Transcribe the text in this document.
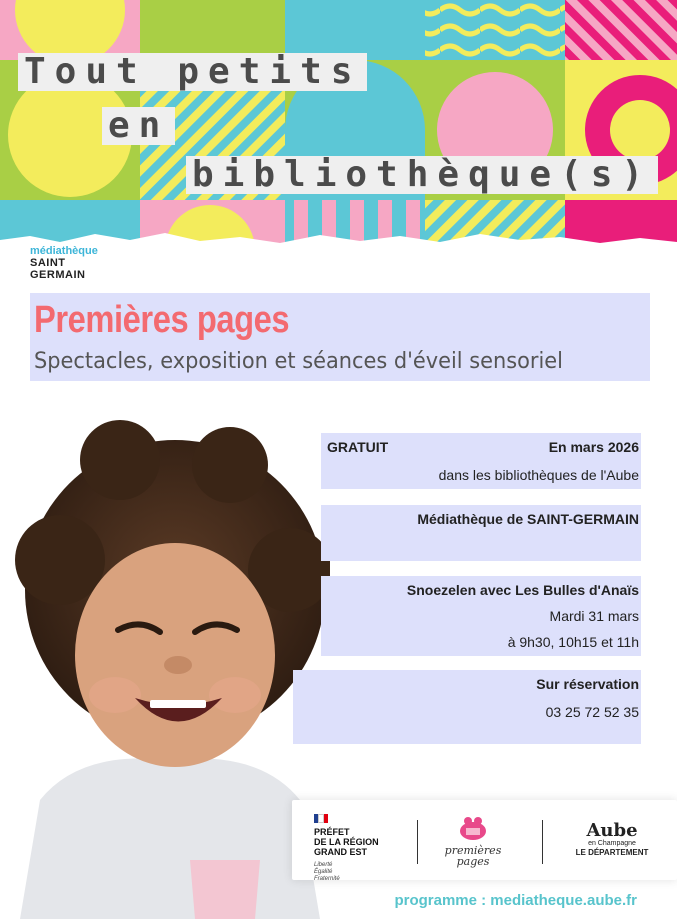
Tout petits
en
bibliothèque(s)
médiathèque
SAINT GERMAIN
Premières pages
Spectacles, exposition et séances d'éveil sensoriel
GRATUIT	En mars 2026
dans les bibliothèques de l'Aube
Médiathèque de SAINT-GERMAIN
Snoezelen avec Les Bulles d'Anaïs
Mardi 31 mars
à 9h30, 10h15 et 11h
Sur réservation
03 25 72 52 35
PRÉFET
DE LA RÉGION
GRAND EST
Liberté
Égalité
Fraternité
premières
pages
Aube
en Champagne
LE DÉPARTEMENT
programme : mediatheque.aube.fr
